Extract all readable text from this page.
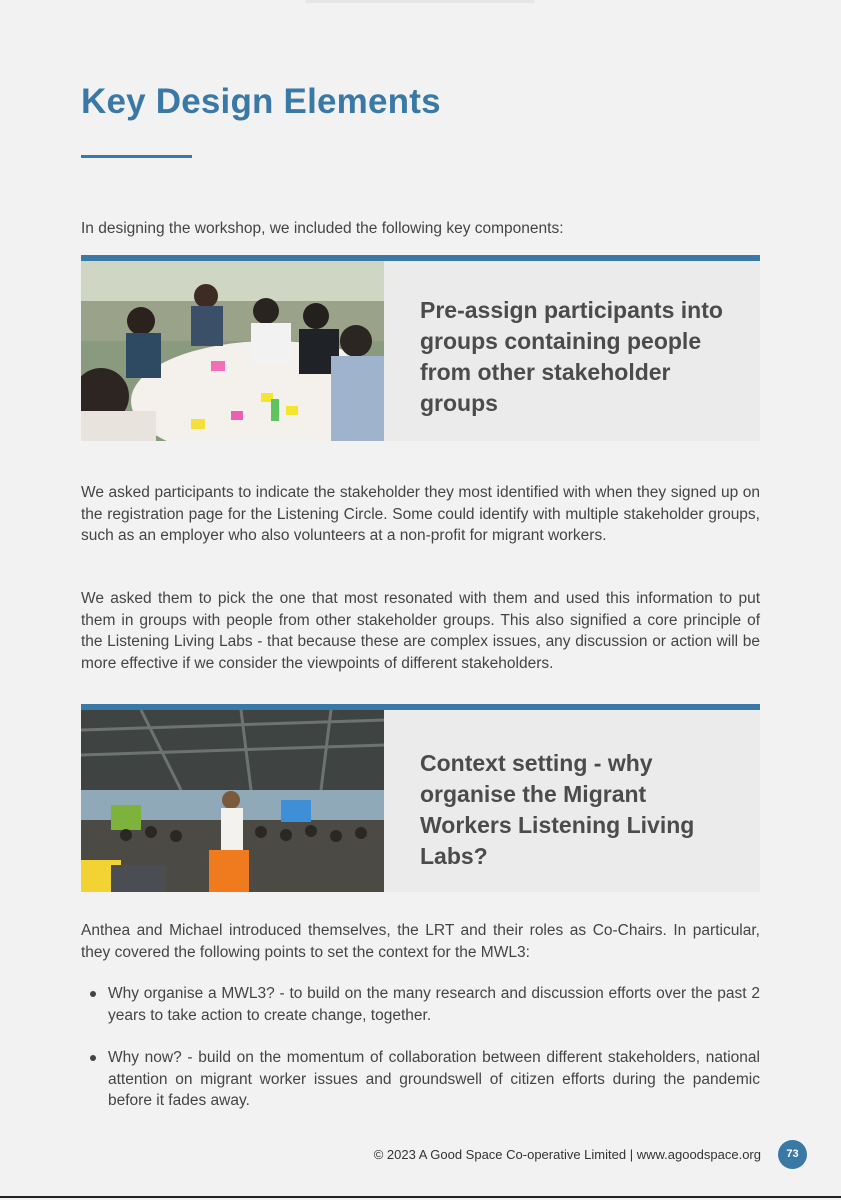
Key Design Elements

In designing the workshop, we included the following key components:

Pre-assign participants into groups containing people from other stakeholder groups

We asked participants to indicate the stakeholder they most identified with when they signed up on the registration page for the Listening Circle. Some could identify with multiple stakeholder groups, such as an employer who also volunteers at a non-profit for migrant workers.

We asked them to pick the one that most resonated with them and used this information to put them in groups with people from other stakeholder groups. This also signified a core principle of the Listening Living Labs - that because these are complex issues, any discussion or action will be more effective if we consider the viewpoints of different stakeholders.

Context setting - why organise the Migrant Workers Listening Living Labs?

Anthea and Michael introduced themselves, the LRT and their roles as Co-Chairs. In particular, they covered the following points to set the context for the MWL3:

Why organise a MWL3? - to build on the many research and discussion efforts over the past 2 years to take action to create change, together.
Why now? - build on the momentum of collaboration between different stakeholders, national attention on migrant worker issues and groundswell of citizen efforts during the pandemic before it fades away.
© 2023 A Good Space Co-operative Limited | www.agoodspace.org	73
